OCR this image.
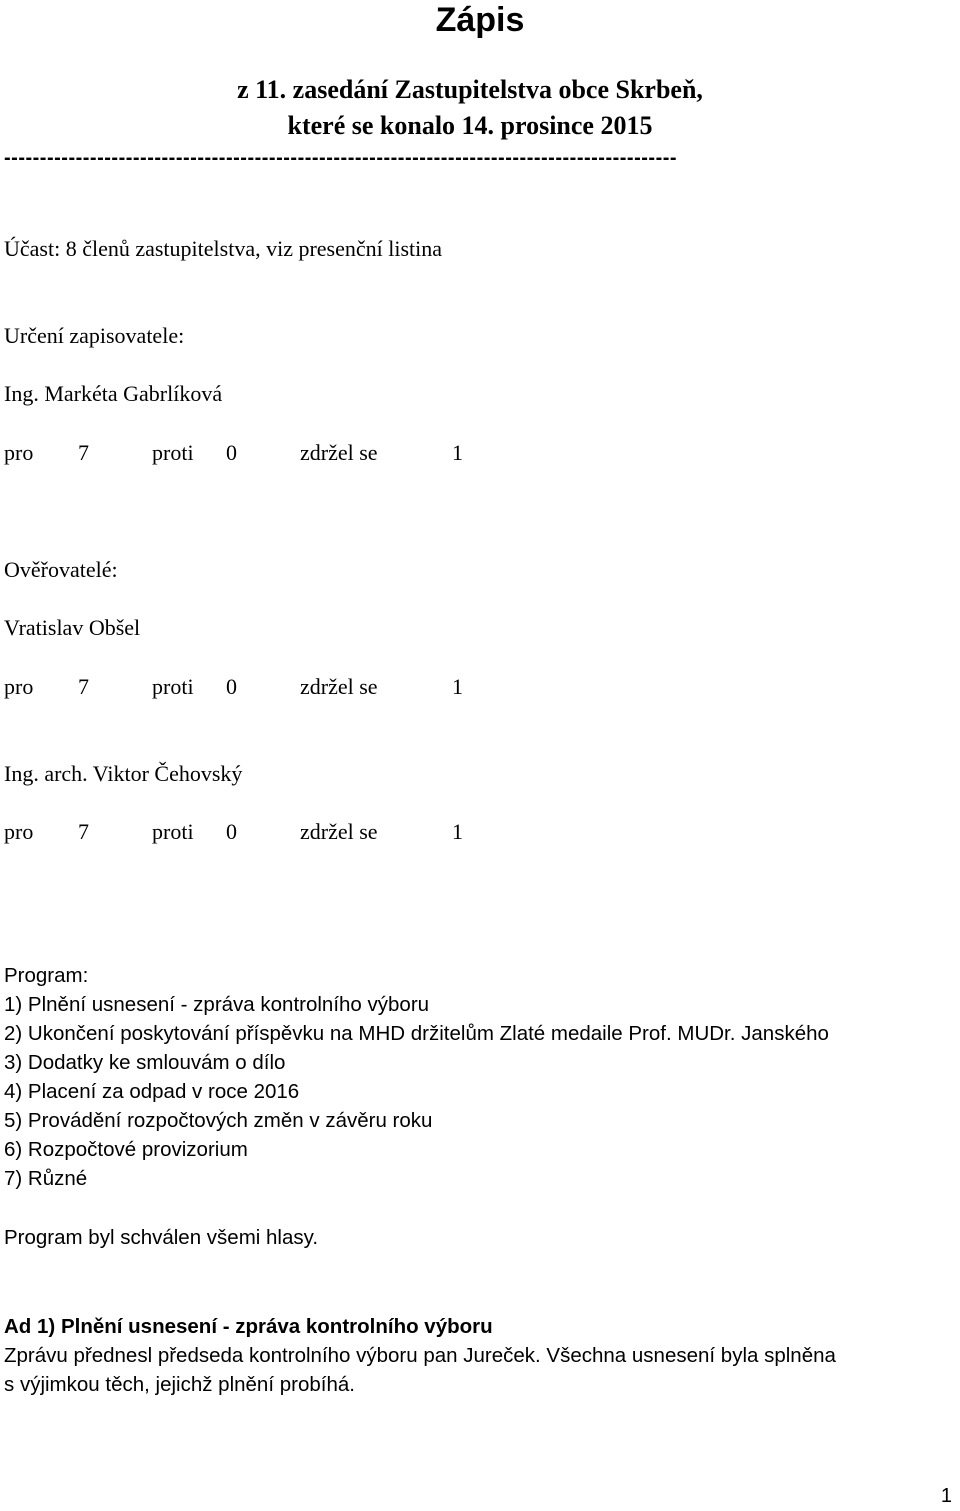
Zápis
z 11. zasedání Zastupitelstva obce Skrbeň,
které se konalo 14. prosince 2015
----------------------------------------------------------------------------------------------
Účast: 8 členů zastupitelstva, viz presenční listina
Určení zapisovatele:
Ing. Markéta Gabrlíková
pro 7	proti 0	zdržel se	1
Ověřovatelé:
Vratislav Obšel
pro 7	proti 0	zdržel se	1
Ing. arch. Viktor Čehovský
pro 7	proti 0	zdržel se	1
Program:
1) Plnění usnesení - zpráva kontrolního výboru
2) Ukončení poskytování příspěvku na MHD držitelům Zlaté medaile Prof. MUDr. Janského
3) Dodatky ke smlouvám o dílo
4) Placení za odpad v roce 2016
5) Provádění rozpočtových změn v závěru roku
6) Rozpočtové provizorium
7) Různé
Program byl schválen všemi hlasy.
Ad 1) Plnění usnesení - zpráva kontrolního výboru
Zprávu přednesl předseda kontrolního výboru pan Jureček. Všechna usnesení byla splněna
s výjimkou těch, jejichž plnění probíhá.
1
